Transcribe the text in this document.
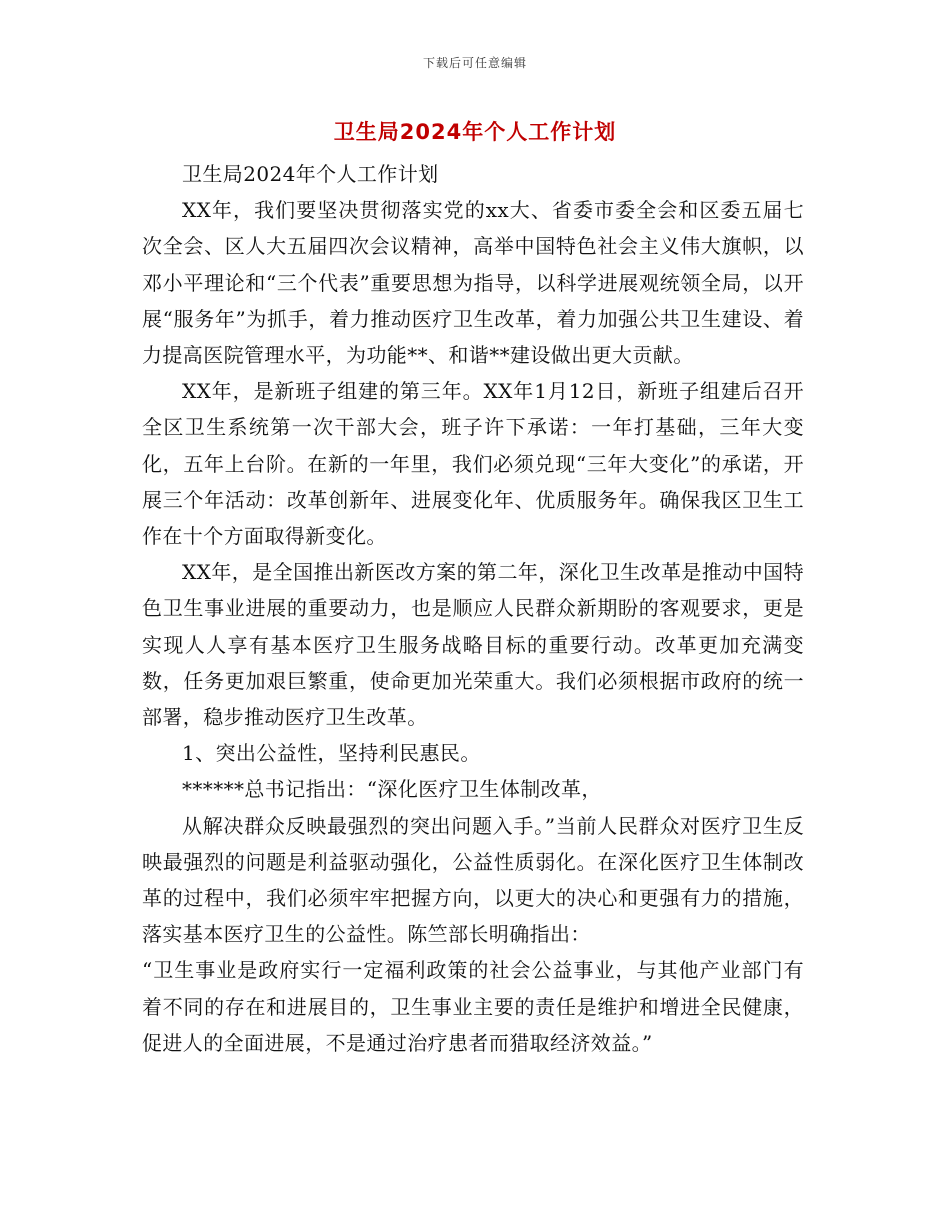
下载后可任意编辑
卫生局2024年个人工作计划

卫生局2024年个人工作计划

XX年，我们要坚决贯彻落实党的xx大、省委市委全会和区委五届七次全会、区人大五届四次会议精神，高举中国特色社会主义伟大旗帜，以邓小平理论和“三个代表”重要思想为指导，以科学进展观统领全局，以开展“服务年”为抓手，着力推动医疗卫生改革，着力加强公共卫生建设、着力提高医院管理水平，为功能**、和谐**建设做出更大贡献。

XX年，是新班子组建的第三年。XX年1月12日，新班子组建后召开全区卫生系统第一次干部大会，班子许下承诺：一年打基础，三年大变化，五年上台阶。在新的一年里，我们必须兑现“三年大变化”的承诺，开展三个年活动：改革创新年、进展变化年、优质服务年。确保我区卫生工作在十个方面取得新变化。

XX年，是全国推出新医改方案的第二年，深化卫生改革是推动中国特色卫生事业进展的重要动力，也是顺应人民群众新期盼的客观要求，更是实现人人享有基本医疗卫生服务战略目标的重要行动。改革更加充满变数，任务更加艰巨繁重，使命更加光荣重大。我们必须根据市政府的统一部署，稳步推动医疗卫生改革。

1、突出公益性，坚持利民惠民。

******总书记指出：“深化医疗卫生体制改革，

从解决群众反映最强烈的突出问题入手。”当前人民群众对医疗卫生反映最强烈的问题是利益驱动强化，公益性质弱化。在深化医疗卫生体制改革的过程中，我们必须牢牢把握方向，以更大的决心和更强有力的措施，落实基本医疗卫生的公益性。陈竺部长明确指出：

“卫生事业是政府实行一定福利政策的社会公益事业，与其他产业部门有着不同的存在和进展目的，卫生事业主要的责任是维护和增进全民健康，促进人的全面进展，不是通过治疗患者而猎取经济效益。”
